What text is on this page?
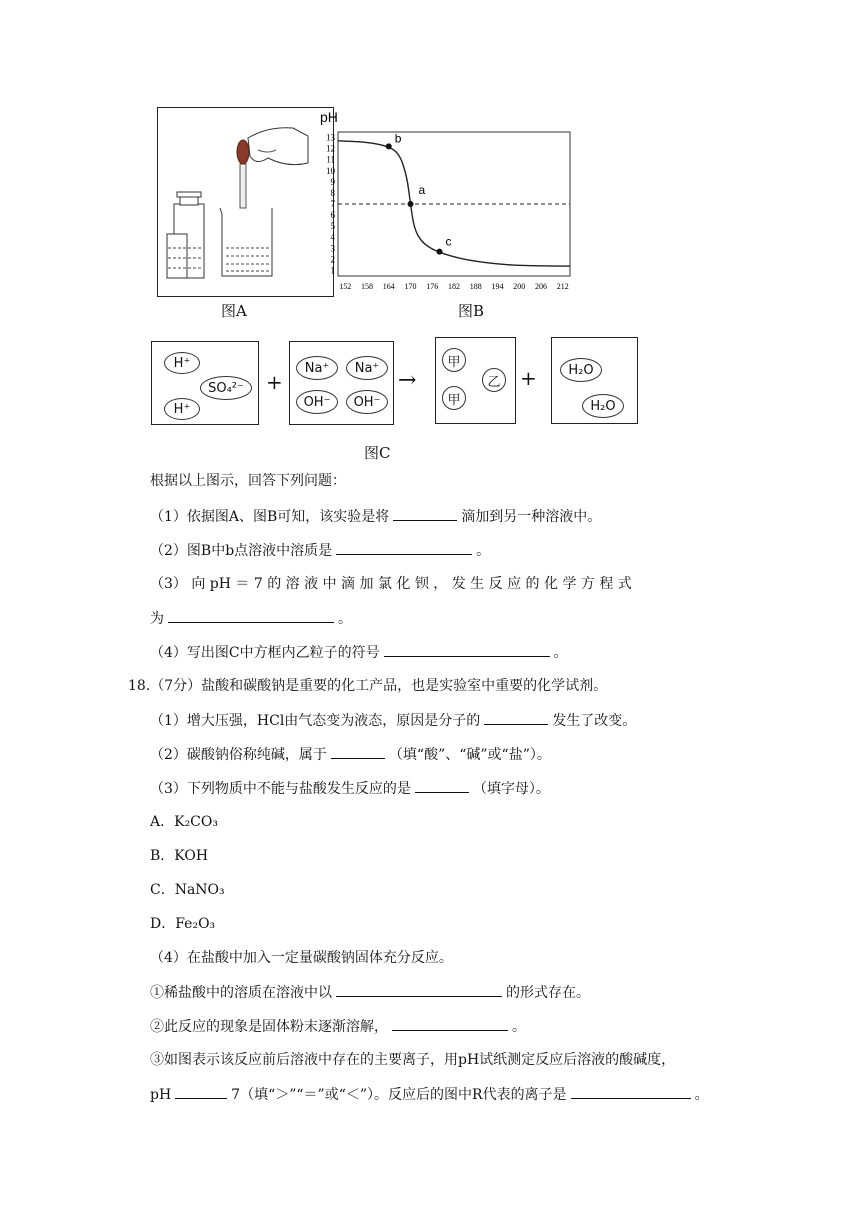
图A
pH
13
12
11
10
9
8
7
6
5
4
3
2
1
152 158 164 170 176 182 188 194 200 206 212
b
a
c
图B
H⁺
SO₄²⁻
H⁺
+
Na⁺	Na⁺
OH⁻	OH⁻
→
甲
甲
乙 +	H₂O
H₂O
图C
根据以上图示，回答下列问题：
（1）依据图A、图B可知，该实验是将	滴加到另一种溶液中。
（2）图B中b点溶液中溶质是	。
（3） 向 pH ＝ 7 的 溶 液 中 滴 加 氯 化 钡 ， 发 生 反 应 的 化 学 方 程 式
为	。
（4）写出图C中方框内乙粒子的符号	。
18.（7分）盐酸和碳酸钠是重要的化工产品，也是实验室中重要的化学试剂。
（1）增大压强，HCl由气态变为液态，原因是分子的	发生了改变。
（2）碳酸钠俗称纯碱，属于	（填“酸”、“碱”或“盐”）。
（3）下列物质中不能与盐酸发生反应的是	（填字母）。
A．K₂CO₃
B．KOH
C．NaNO₃
D．Fe₂O₃
（4）在盐酸中加入一定量碳酸钠固体充分反应。
①稀盐酸中的溶质在溶液中以	的形式存在。
②此反应的现象是固体粉末逐渐溶解，	。
③如图表示该反应前后溶液中存在的主要离子，用pH试纸测定反应后溶液的酸碱度，
pH	7（填“＞”“＝”或“＜”）。反应后的图中R代表的离子是	。
